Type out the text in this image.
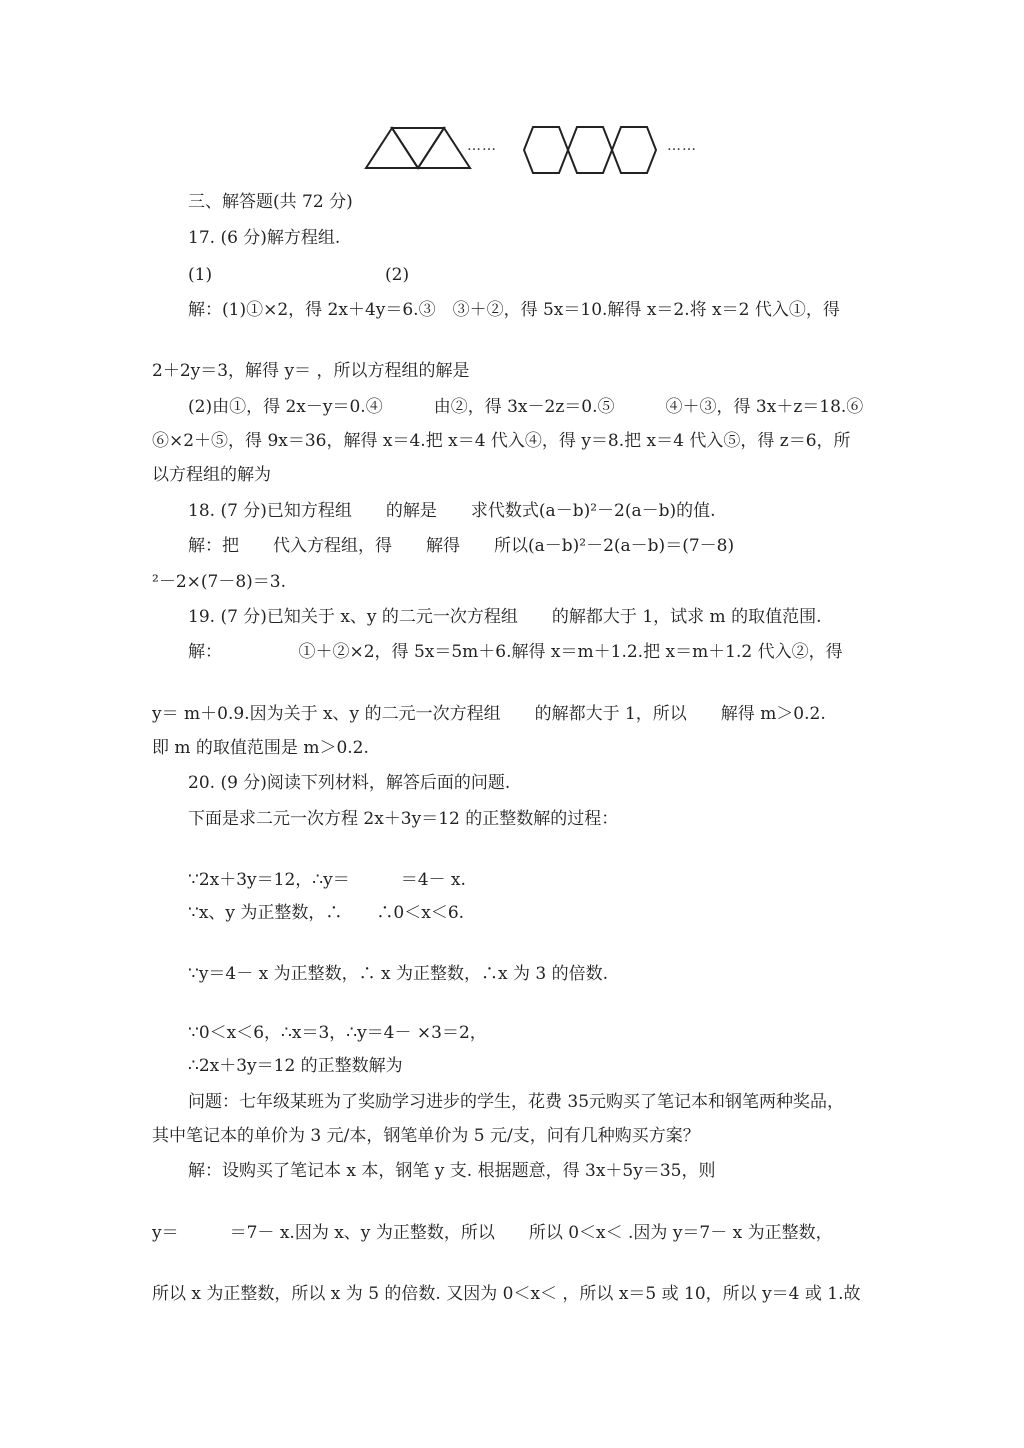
……	……
三、解答题(共 72 分)
17. (6 分)解方程组.
(1)	(2)
解：(1)①×2，得 2x＋4y＝6.③　③＋②，得 5x＝10.解得 x＝2.将 x＝2 代入①，得
2＋2y＝3，解得 y＝ ，所以方程组的解是
(2)由①，得 2x－y＝0.④　　　由②，得 3x－2z＝0.⑤　　　④＋③，得 3x＋z＝18.⑥
⑥×2＋⑤，得 9x＝36，解得 x＝4.把 x＝4 代入④，得 y＝8.把 x＝4 代入⑤，得 z＝6，所
以方程组的解为
18. (7 分)已知方程组　　的解是　　求代数式(a－b)²－2(a－b)的值.
解：把　　代入方程组，得　　解得　　所以(a－b)²－2(a－b)＝(7－8)
²－2×(7－8)＝3.
19. (7 分)已知关于 x、y 的二元一次方程组　　的解都大于 1，试求 m 的取值范围.
解：　　　　　①＋②×2，得 5x＝5m＋6.解得 x＝m＋1.2.把 x＝m＋1.2 代入②，得
y＝ m＋0.9.因为关于 x、y 的二元一次方程组　　的解都大于 1，所以　　解得 m＞0.2.
即 m 的取值范围是 m＞0.2.
20. (9 分)阅读下列材料，解答后面的问题.
下面是求二元一次方程 2x＋3y＝12 的正整数解的过程：
∵2x＋3y＝12，∴y＝　　　＝4－ x.
∵x、y 为正整数，∴　　∴0＜x＜6.
∵y＝4－ x 为正整数，∴ x 为正整数，∴x 为 3 的倍数.
∵0＜x＜6，∴x＝3，∴y＝4－ ×3＝2，
∴2x＋3y＝12 的正整数解为
问题：七年级某班为了奖励学习进步的学生，花费 35元购买了笔记本和钢笔两种奖品，
其中笔记本的单价为 3 元/本，钢笔单价为 5 元/支，问有几种购买方案？
解：设购买了笔记本 x 本，钢笔 y 支. 根据题意，得 3x＋5y＝35，则
y＝　　　＝7－ x.因为 x、y 为正整数，所以　　所以 0＜x＜ .因为 y＝7－ x 为正整数，
所以 x 为正整数，所以 x 为 5 的倍数. 又因为 0＜x＜ ，所以 x＝5 或 10，所以 y＝4 或 1.故
